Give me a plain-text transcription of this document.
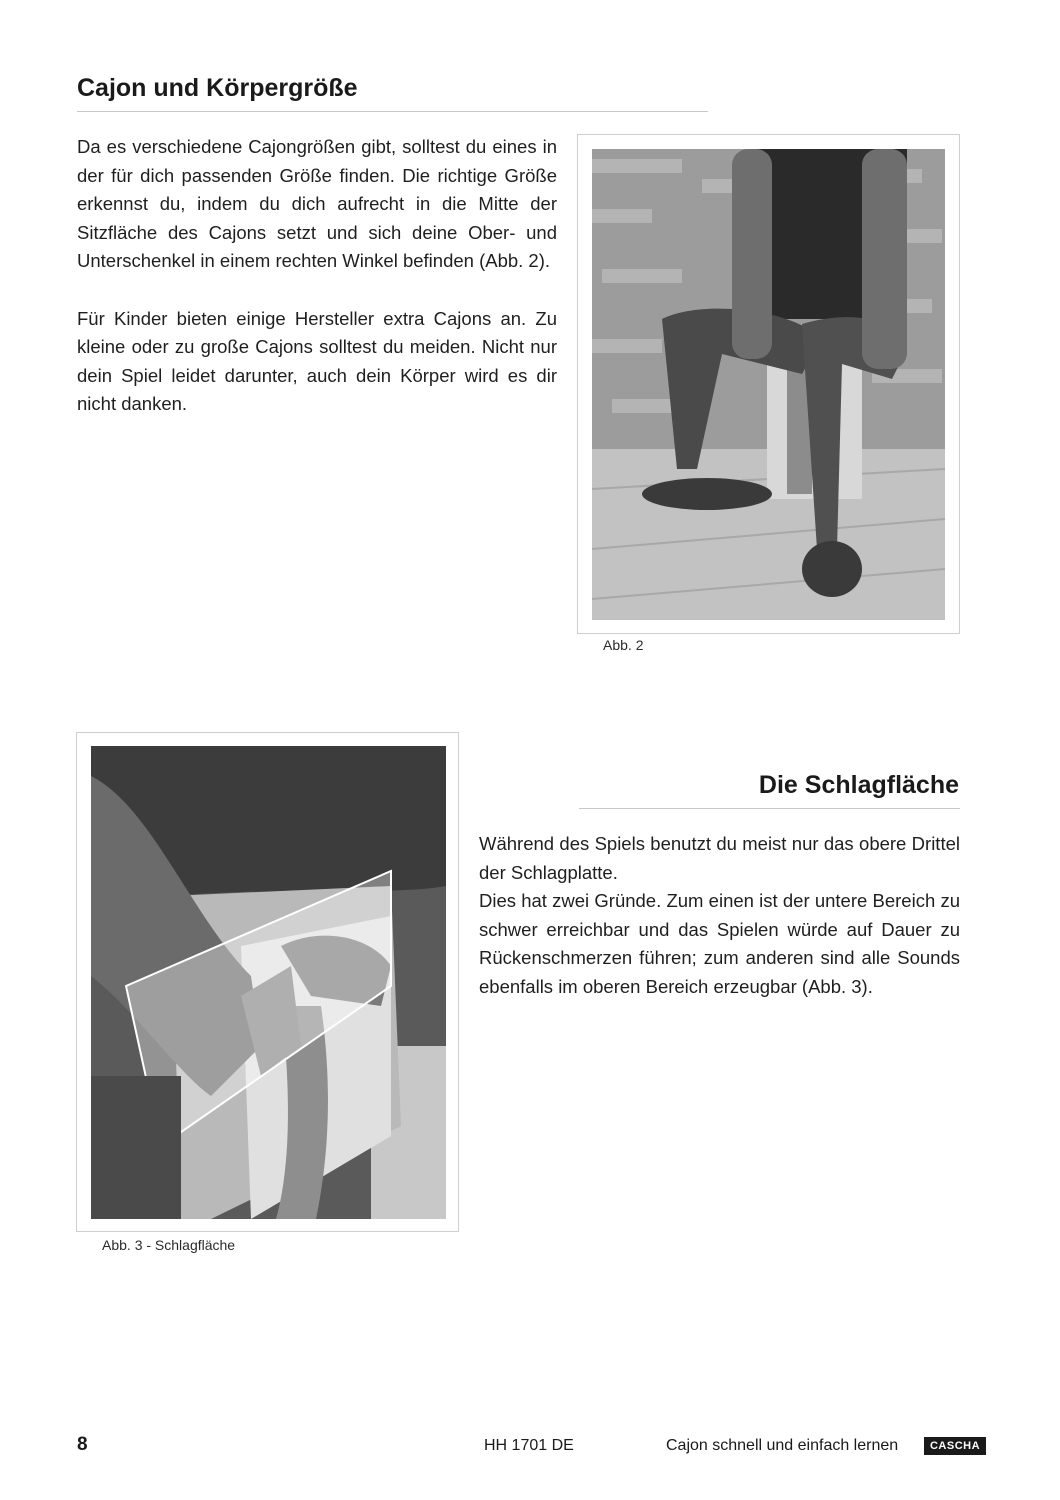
Cajon und Körpergröße

Da es verschiedene Cajongrößen gibt, solltest du eines in der für dich passenden Größe finden. Die richtige Größe erkennst du, indem du dich aufrecht in die Mitte der Sitzfläche des Cajons setzt und sich deine Ober- und Unterschenkel in einem rechten Winkel befinden (Abb. 2).

Für Kinder bieten einige Hersteller extra Cajons an. Zu kleine oder zu große Cajons solltest du meiden. Nicht nur dein Spiel leidet darunter, auch dein Körper wird es dir nicht danken.

Abb. 2
Abb. 3 - Schlagfläche
Die Schlagfläche

Während des Spiels benutzt du meist nur das obere Drittel der Schlagplatte.

Dies hat zwei Gründe. Zum einen ist der untere Bereich zu schwer erreichbar und das Spielen würde auf Dauer zu Rückenschmerzen führen; zum anderen sind alle Sounds ebenfalls im oberen Bereich erzeugbar (Abb. 3).

8	HH 1701 DE	Cajon schnell und einfach lernen	CASCHA
